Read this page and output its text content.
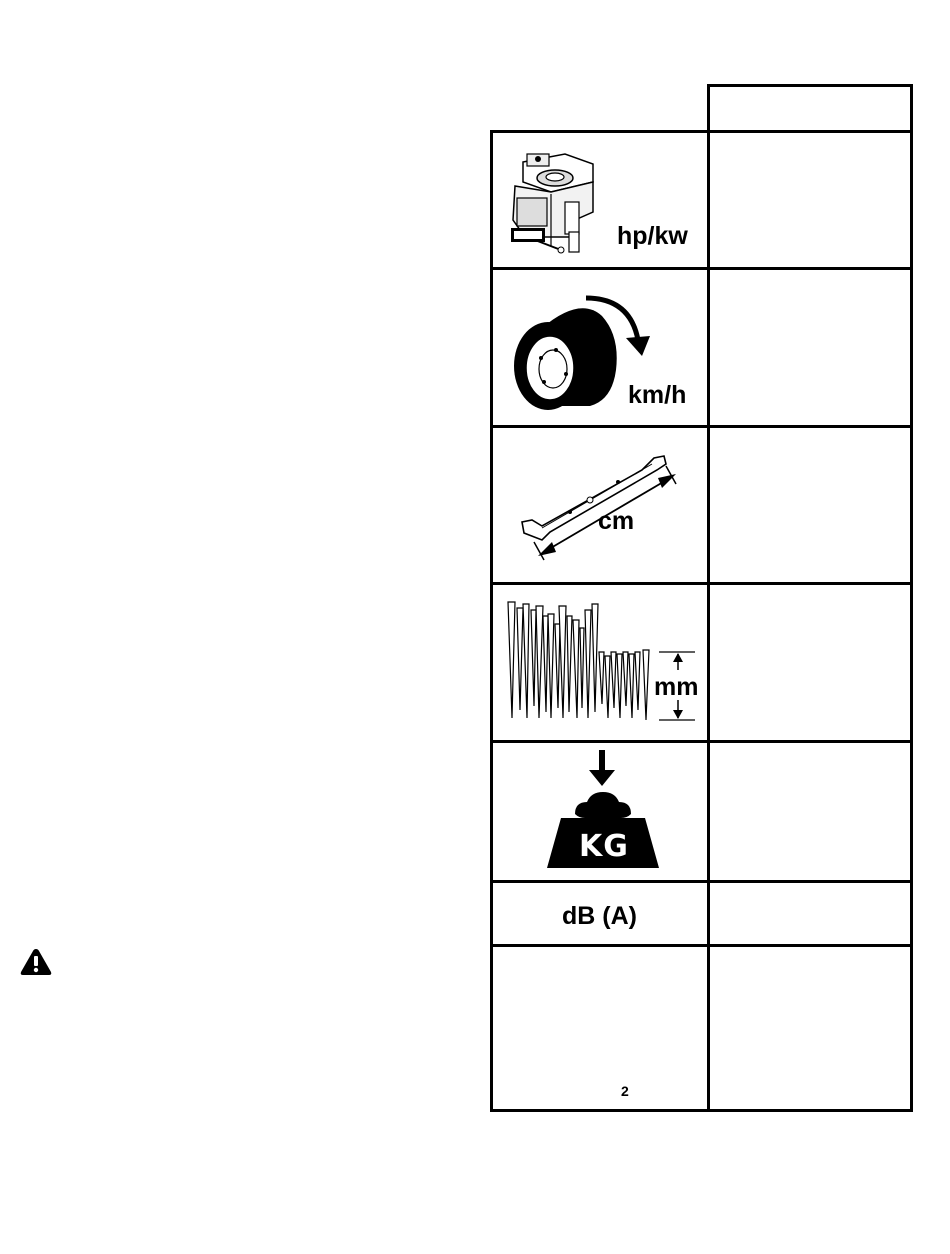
hp/kw
km/h
cm
mm
KG
dB (A)
2
